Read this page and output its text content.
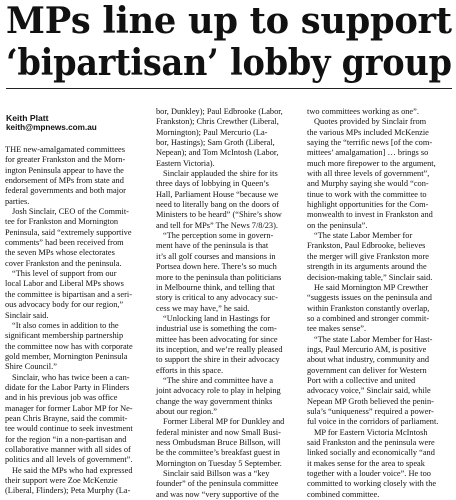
MPs line up to support
‘bipartisan’ lobby group
Keith Platt
keith@mpnews.com.au

THE new-amalgamated committees
for greater Frankston and the Morn-
ington Peninsula appear to have the
endorsement of MPs from state and
federal governments and both major
parties.

Josh Sinclair, CEO of the Commit-
tee for Frankston and Mornington
Peninsula, said “extremely supportive
comments” had been received from
the seven MPs whose electorates
cover Frankston and the peninsula.

“This level of support from our
local Labor and Liberal MPs shows
the committee is bipartisan and a seri-
ous advocacy body for our region,”
Sinclair said.

“It also comes in addition to the
significant membership partnership
the committee now has with corporate
gold member, Mornington Peninsula
Shire Council.”

Sinclair, who has twice been a can-
didate for the Labor Party in Flinders
and in his previous job was office
manager for former Labor MP for Ne-
pean Chris Brayne, said the commit-
tee would continue to seek investment
for the region “in a non-partisan and
collaborative manner with all sides of
politics and all levels of government”.

He said the MPs who had expressed
their support were Zoe McKenzie
(Liberal, Flinders); Peta Murphy (La-

bor, Dunkley); Paul Edbrooke (Labor,
Frankston); Chris Crewther (Liberal,
Mornington); Paul Mercurio (La-
bor, Hastings); Sam Groth (Liberal,
Nepean); and Tom McIntosh (Labor,
Eastern Victoria).

Sinclair applauded the shire for its
three days of lobbying in Queen’s
Hall, Parliament House “because we
need to literally bang on the doors of
Ministers to be heard” (“Shire’s show
and tell for MPs” The News 7/8/23).

“The perception some in govern-
ment have of the peninsula is that
it’s all golf courses and mansions in
Portsea down here. There’s so much
more to the peninsula than politicians
in Melbourne think, and telling that
story is critical to any advocacy suc-
cess we may have,” he said.

“Unlocking land in Hastings for
industrial use is something the com-
mittee has been advocating for since
its inception, and we’re really pleased
to support the shire in their advocacy
efforts in this space.

“The shire and committee have a
joint advocacy role to play in helping
change the way government thinks
about our region.”

Former Liberal MP for Dunkley and
federal minister and now Small Busi-
ness Ombudsman Bruce Billson, will
be the committee’s breakfast guest in
Mornington on Tuesday 5 September.

Sinclair said Billson was a “key
founder” of the peninsula committee
and was now “very supportive of the

two committees working as one”.

Quotes provided by Sinclair from
the various MPs included McKenzie
saying the “terrific news [of the com-
mittees’ amalgamation] … brings so
much more firepower to the argument,
with all three levels of government”,
and Murphy saying she would “con-
tinue to work with the committee to
highlight opportunities for the Com-
monwealth to invest in Frankston and
on the peninsula”.

“The state Labor Member for
Frankston, Paul Edbrooke, believes
the merger will give Frankston more
strength in its arguments around the
decision-making table,” Sinclair said.

He said Mornington MP Crewther
“suggests issues on the peninsula and
within Frankston constantly overlap,
so a combined and stronger commit-
tee makes sense”.

“The state Labor Member for Hast-
ings, Paul Mercurio AM, is positive
about what industry, community and
government can deliver for Western
Port with a collective and united
advocacy voice,” Sinclair said, while
Nepean MP Groth believed the penin-
sula’s “uniqueness” required a power-
ful voice in the corridors of parliament.

MP for Eastern Victoria McIntosh
said Frankston and the peninsula were
linked socially and economically “and
it makes sense for the area to speak
together with a louder voice”. He too
committed to working closely with the
combined committee.
